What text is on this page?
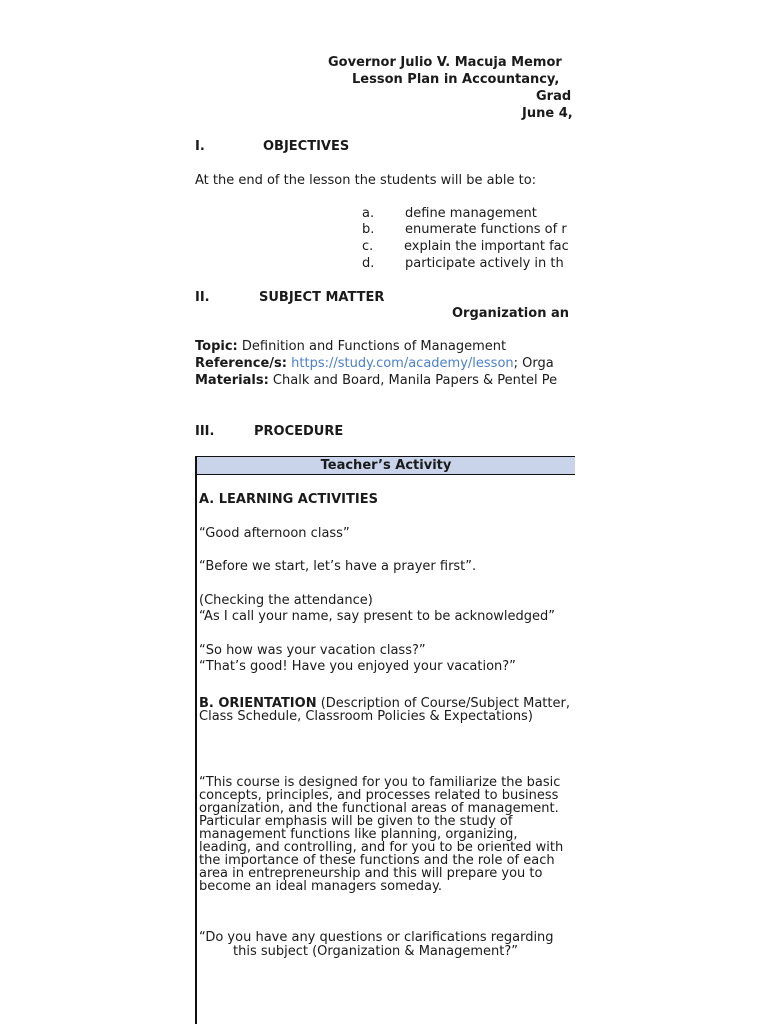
Governor Julio V. Macuja Memor
Lesson Plan in Accountancy,
Grad
June 4,
I.	OBJECTIVES
At the end of the lesson the students will be able to:
a. define management
b. enumerate functions of r
c. explain the important fac
d. participate actively in th
II.	SUBJECT MATTER
Organization an
Topic: Definition and Functions of Management
Reference/s: https://study.com/academy/lesson; Orga
Materials: Chalk and Board, Manila Papers & Pentel Pe
III.	PROCEDURE
Teacher’s Activity
A. LEARNING ACTIVITIES
“Good afternoon class”
“Before we start, let’s have a prayer first”.
(Checking the attendance)
“As I call your name, say present to be acknowledged”
“So how was your vacation class?”
“That’s good! Have you enjoyed your vacation?”
B. ORIENTATION (Description of Course/Subject Matter, Class Schedule, Classroom Policies & Expectations)
“This course is designed for you to familiarize the basic concepts, principles, and processes related to business organization, and the functional areas of management. Particular emphasis will be given to the study of management functions like planning, organizing, leading, and controlling, and for you to be oriented with the importance of these functions and the role of each area in entrepreneurship and this will prepare you to become an ideal managers someday.
“Do you have any questions or clarifications regarding
this subject (Organization & Management?”
